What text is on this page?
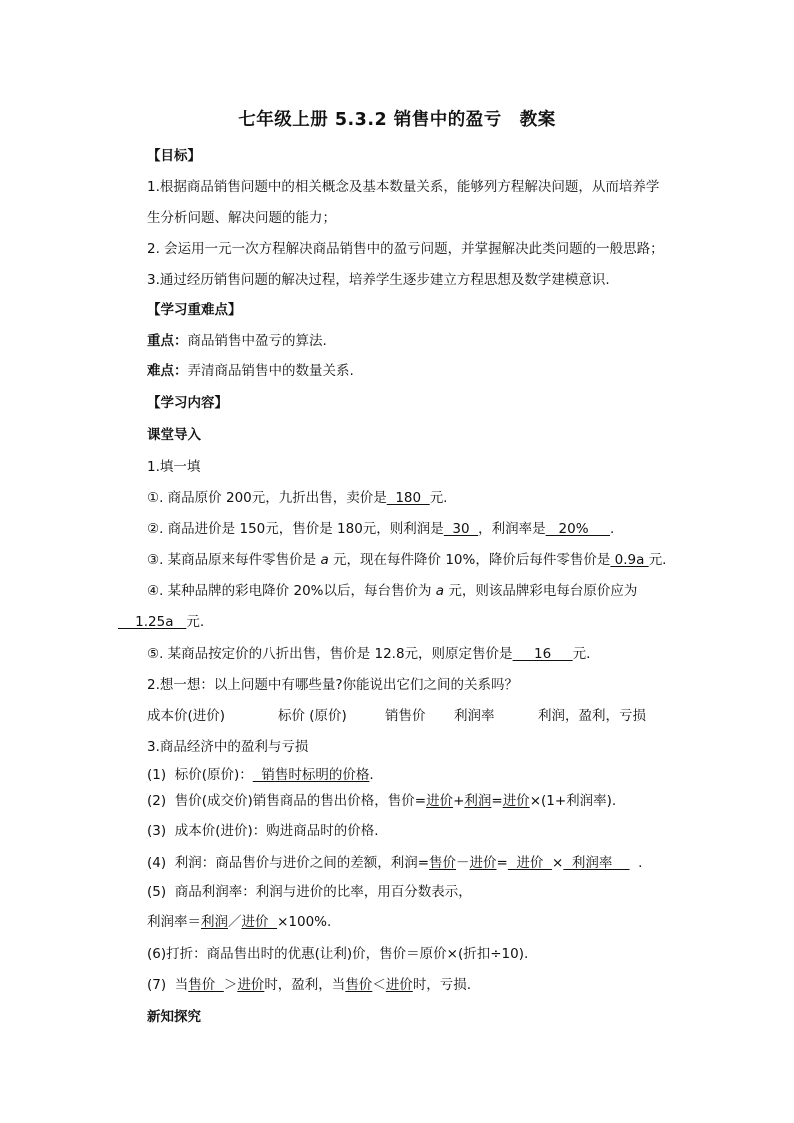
七年级上册 5.3.2 销售中的盈亏　教案
【目标】
1.根据商品销售问题中的相关概念及基本数量关系，能够列方程解决问题，从而培养学
生分析问题、解决问题的能力；
2. 会运用一元一次方程解决商品销售中的盈亏问题，并掌握解决此类问题的一般思路；
3.通过经历销售问题的解决过程，培养学生逐步建立方程思想及数学建模意识.
【学习重难点】
重点：商品销售中盈亏的算法.
难点：弄清商品销售中的数量关系.
【学习内容】
课堂导入
1.填一填
①. 商品原价 200元，九折出售，卖价是  180  元.
②. 商品进价是 150元，售价是 180元，则利润是  30  ，利润率是   20%     .
③. 某商品原来每件零售价是 a 元，现在每件降价 10%，降价后每件零售价是 0.9a 元.
④. 某种品牌的彩电降价 20%以后，每台售价为 a 元，则该品牌彩电每台原价应为
1.25a   元.
⑤. 某商品按定价的八折出售，售价是 12.8元，则原定售价是     16     元.
2.想一想：以上问题中有哪些量?你能说出它们之间的关系吗？
成本价(进价)	标价 (原价)	销售价 利润率	利润，盈利，亏损
3.商品经济中的盈利与亏损
(1)  标价(原价)：  销售时标明的价格.
(2)  售价(成交价)销售商品的售出价格，售价=进价+利润=进价×(1+利润率).
(3)  成本价(进价)：购进商品时的价格.
(4)  利润：商品售价与进价之间的差额，利润=售价－进价=  进价  ×  利润率      .
(5)  商品利润率：利润与进价的比率，用百分数表示，
利润率＝利润／进价  ×100%.
(6)打折：商品售出时的优惠(让利)价，售价＝原价×(折扣÷10).
(7)  当售价  ＞进价时，盈利，当售价＜进价时，亏损.
新知探究
